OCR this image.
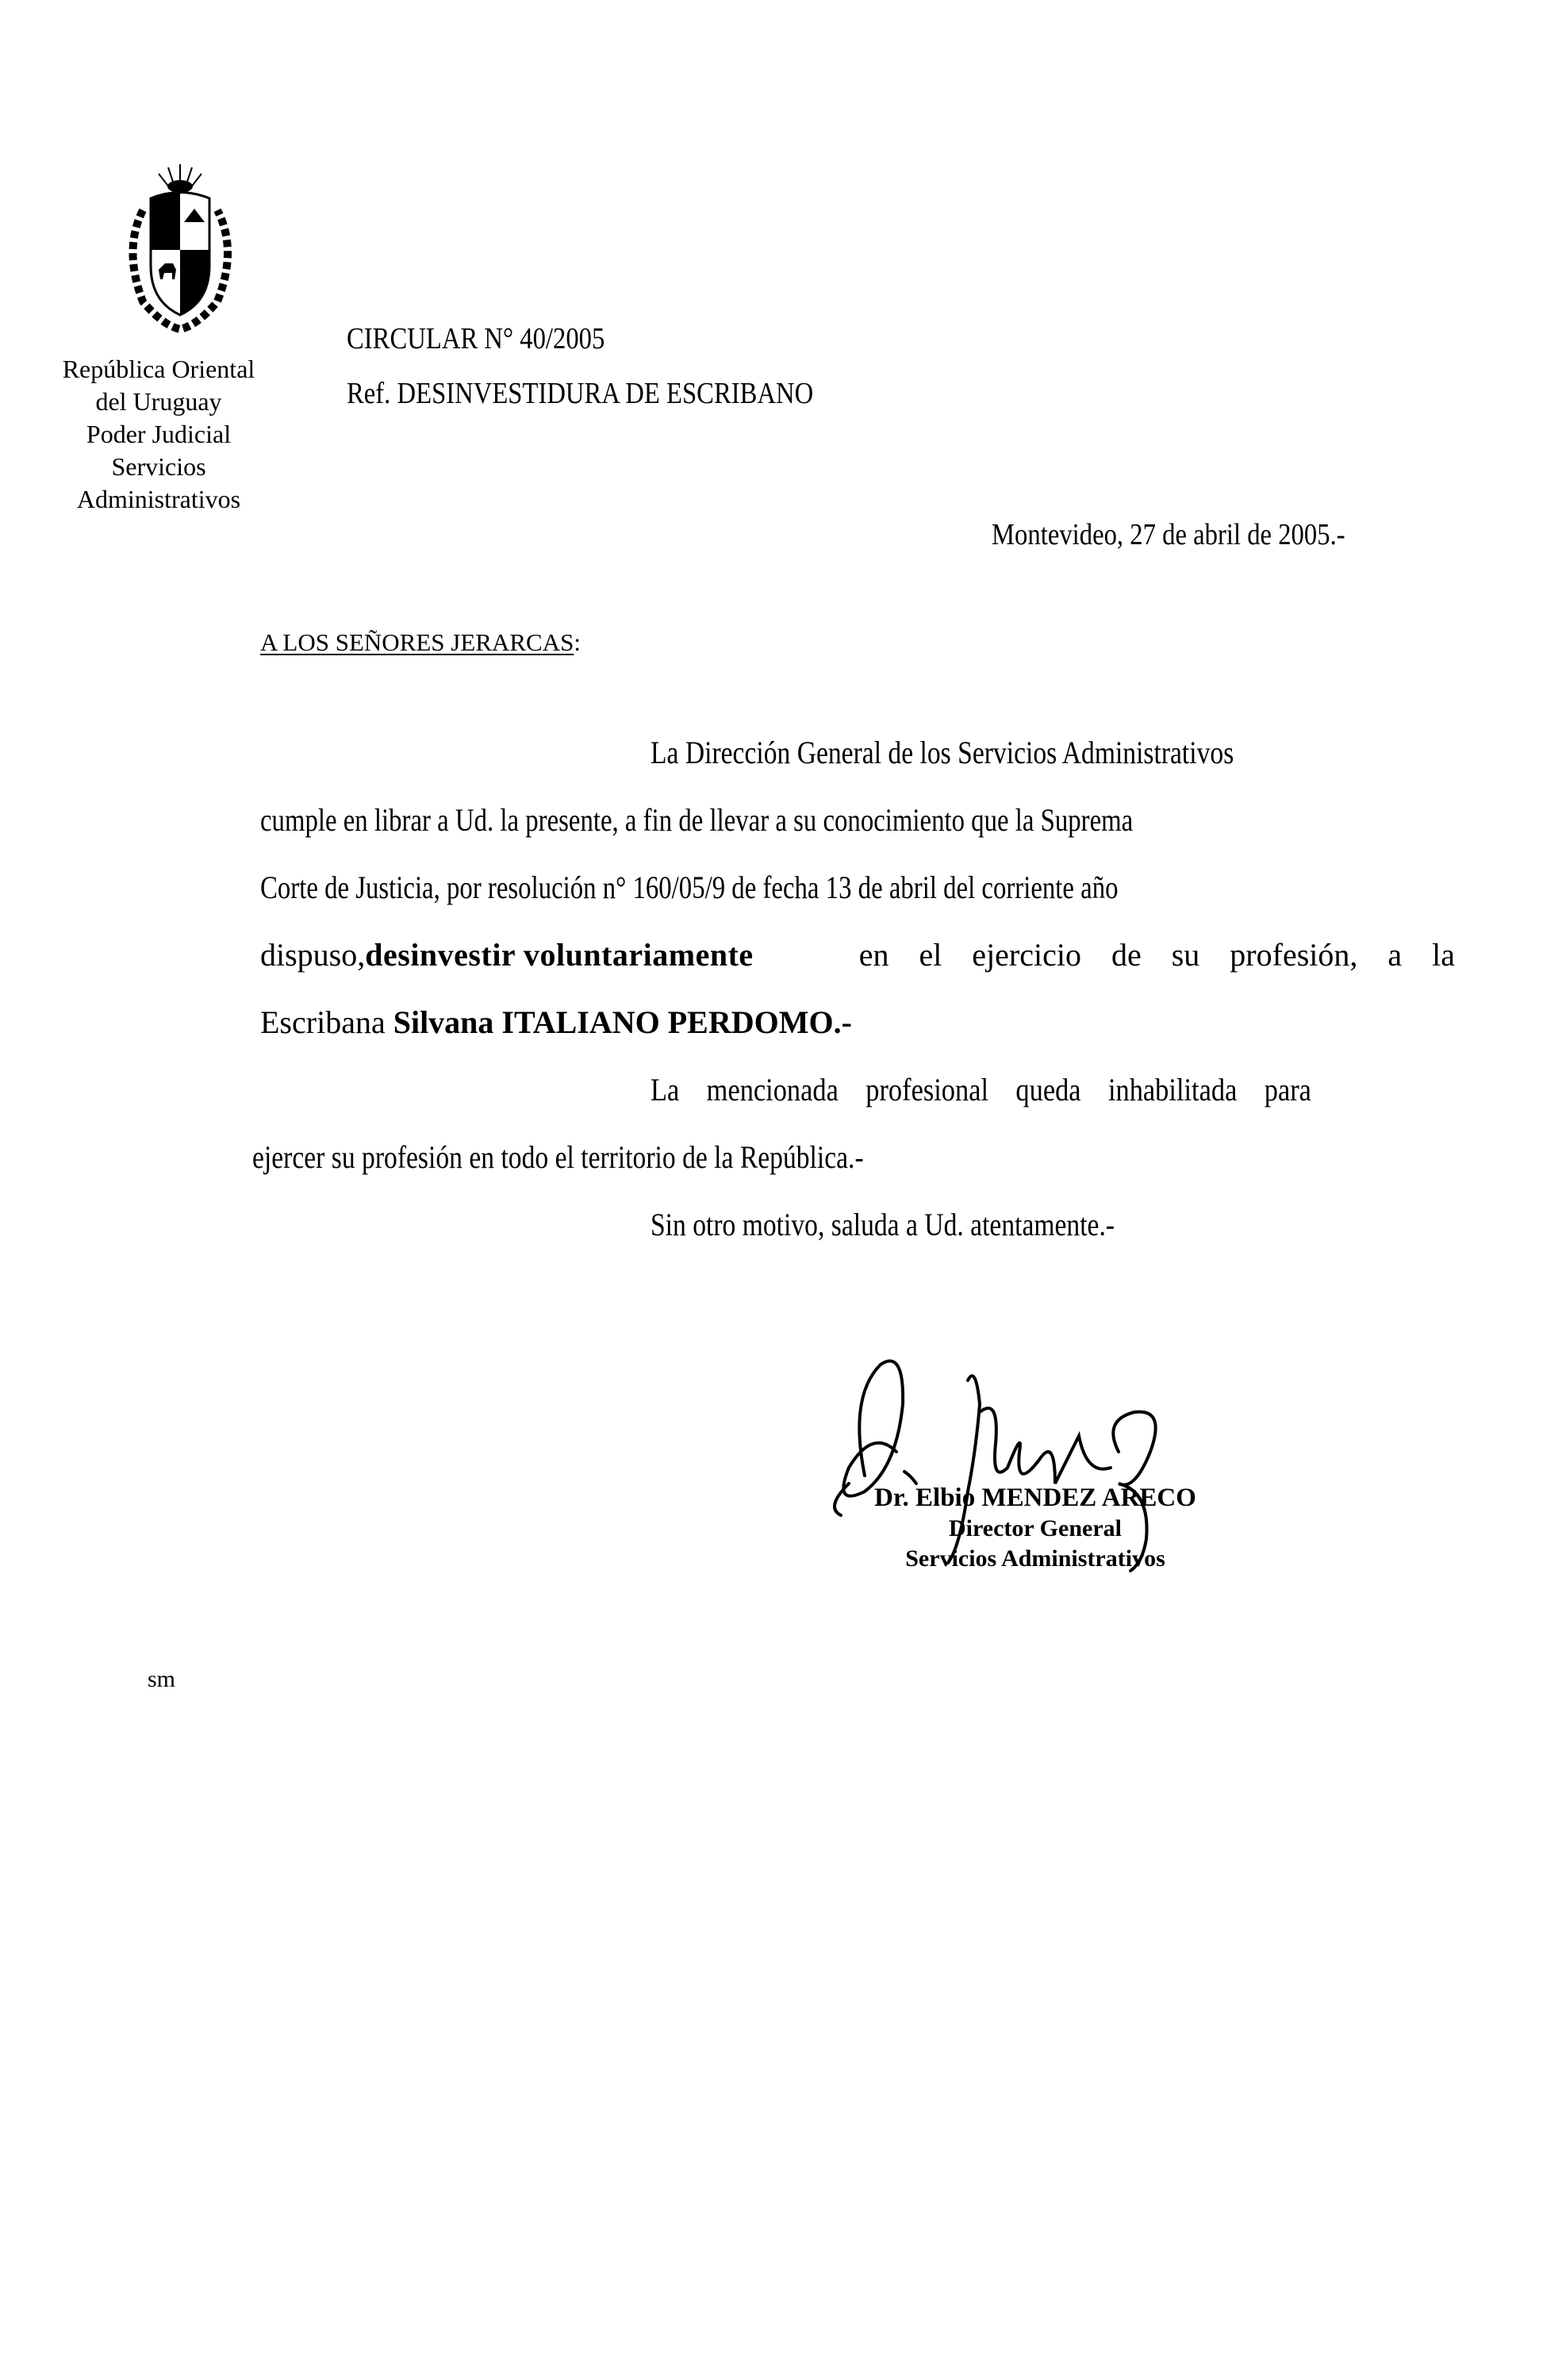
República Oriental
del Uruguay
Poder Judicial
Servicios
Administrativos
CIRCULAR N° 40/2005
Ref. DESINVESTIDURA DE ESCRIBANO
Montevideo, 27 de abril de 2005.-
A LOS SEÑORES JERARCAS:
La Dirección General de los Servicios Administrativos
cumple en librar a Ud. la presente, a fin de llevar a su conocimiento que la Suprema
Corte de Justicia, por resolución n° 160/05/9 de fecha 13 de abril del corriente año
dispuso, desinvestir voluntariamente	en el ejercicio de su profesión, a la
Escribana Silvana ITALIANO PERDOMO.-
La mencionada profesional queda inhabilitada para
ejercer su profesión en todo el territorio de la República.-
Sin otro motivo, saluda a Ud. atentamente.-
Dr. Elbio MENDEZ ARECO
Director General
Servicios Administrativos
sm
